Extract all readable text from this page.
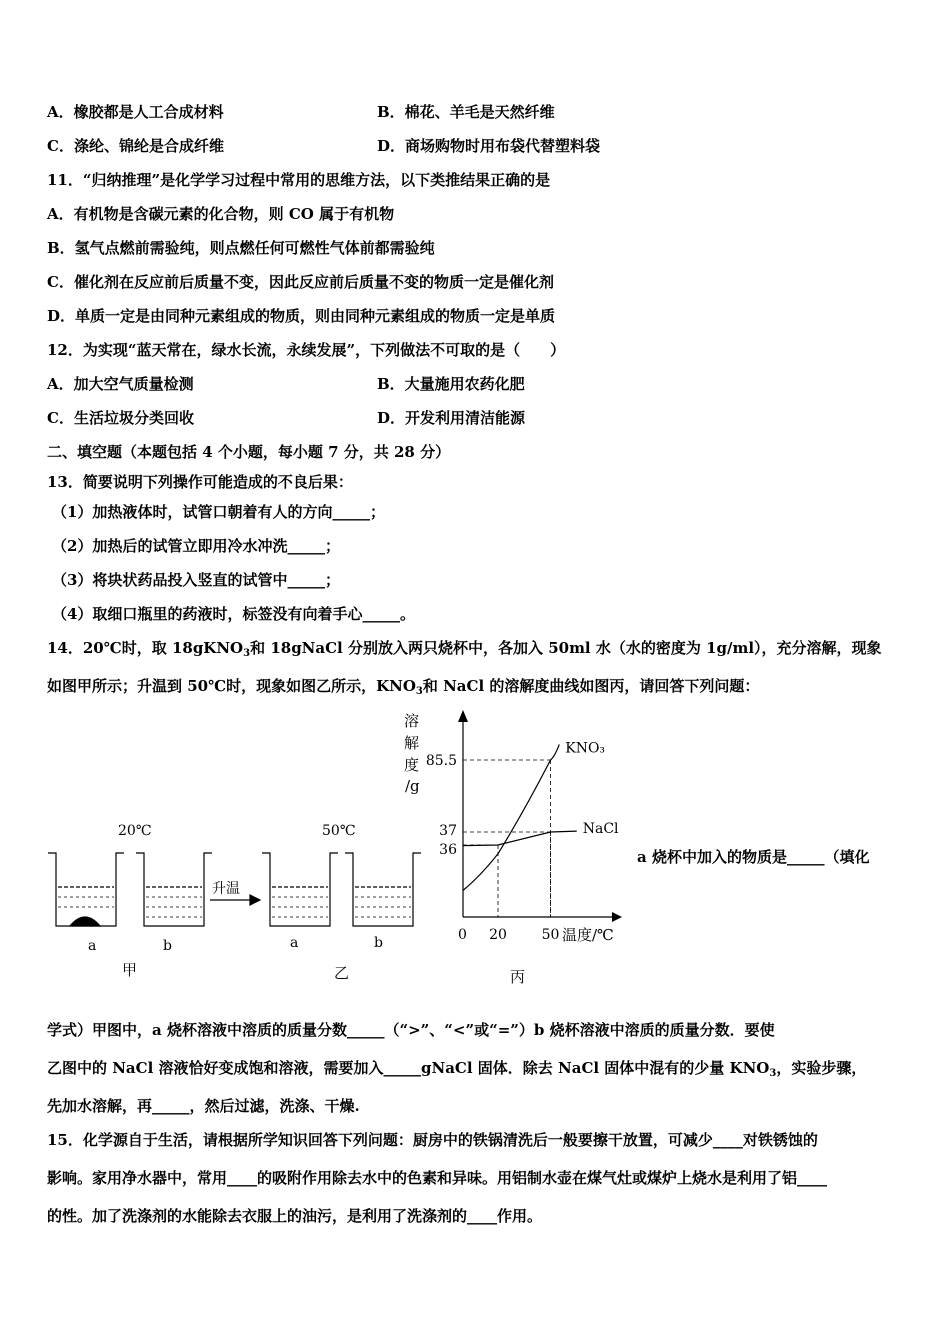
A．橡胶都是人工合成材料	B．棉花、羊毛是天然纤维
C．涤纶、锦纶是合成纤维	D．商场购物时用布袋代替塑料袋
11．“归纳推理”是化学学习过程中常用的思维方法，以下类推结果正确的是
A．有机物是含碳元素的化合物，则 CO 属于有机物
B．氢气点燃前需验纯，则点燃任何可燃性气体前都需验纯
C．催化剂在反应前后质量不变，因此反应前后质量不变的物质一定是催化剂
D．单质一定是由同种元素组成的物质，则由同种元素组成的物质一定是单质
12．为实现“蓝天常在，绿水长流，永续发展”，下列做法不可取的是（　　）
A．加大空气质量检测	B．大量施用农药化肥
C．生活垃圾分类回收	D．开发利用清洁能源
二、填空题（本题包括 4 个小题，每小题 7 分，共 28 分）
13．简要说明下列操作可能造成的不良后果：
（1）加热液体时，试管口朝着有人的方向_____；
（2）加热后的试管立即用冷水冲洗_____；
（3）将块状药品投入竖直的试管中_____；
（4）取细口瓶里的药液时，标签没有向着手心_____。
14．20℃时，取 18gKNO$_3$和 18gNaCl 分别放入两只烧杯中，各加入 50ml 水（水的密度为 1g/ml），充分溶解，现象
如图甲所示；升温到 50℃时，现象如图乙所示，$KNO_3$和 NaCl 的溶解度曲线如图丙，请回答下列问题：
20℃	50℃
升温
a	b	a	b
甲	乙	丙
溶
解
度
/g
温度/℃
0
KNO₃
NaCl
36
37
85.5
20 50
a 烧杯中加入的物质是_____（填化
学式）甲图中，a 烧杯溶液中溶质的质量分数_____（“>”、“<”或“=”）b 烧杯溶液中溶质的质量分数．要使
乙图中的 NaCl 溶液恰好变成饱和溶液，需要加入_____gNaCl 固体．除去 NaCl 固体中混有的少量 $KNO_3$，实验步骤，
先加水溶解，再_____，然后过滤，洗涤、干燥.
15．化学源自于生活，请根据所学知识回答下列问题：厨房中的铁锅清洗后一般要擦干放置，可减少____对铁锈蚀的
影响。家用净水器中，常用____的吸附作用除去水中的色素和异味。用铝制水壶在煤气灶或煤炉上烧水是利用了铝____
的性。加了洗涤剂的水能除去衣服上的油污，是利用了洗涤剂的____作用。
